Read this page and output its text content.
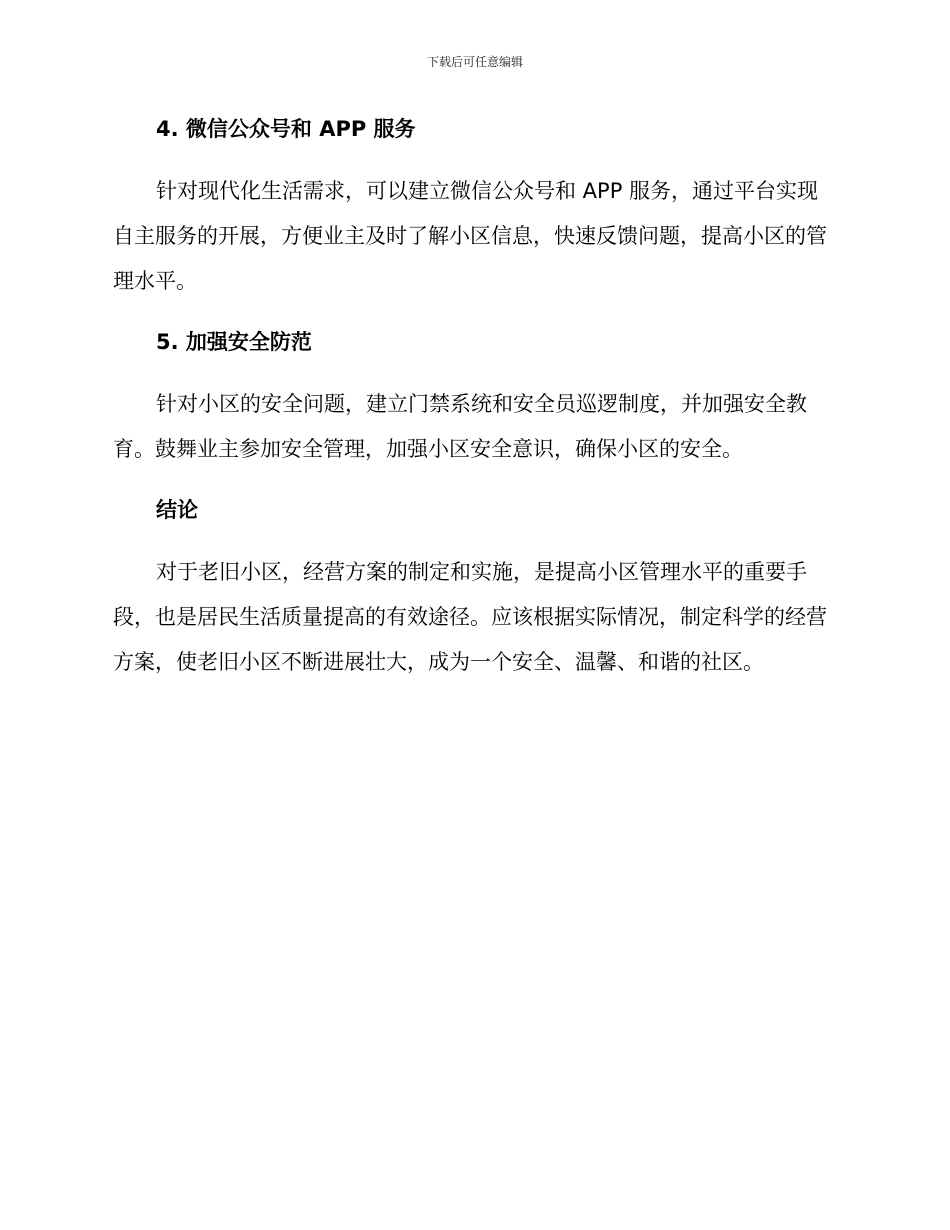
下载后可任意编辑
4. 微信公众号和 APP 服务

针对现代化生活需求，可以建立微信公众号和 APP 服务，通过平台实现自主服务的开展，方便业主及时了解小区信息，快速反馈问题，提高小区的管理水平。

5. 加强安全防范

针对小区的安全问题，建立门禁系统和安全员巡逻制度，并加强安全教育。鼓舞业主参加安全管理，加强小区安全意识，确保小区的安全。

结论

对于老旧小区，经营方案的制定和实施，是提高小区管理水平的重要手段，也是居民生活质量提高的有效途径。应该根据实际情况，制定科学的经营方案，使老旧小区不断进展壮大，成为一个安全、温馨、和谐的社区。
